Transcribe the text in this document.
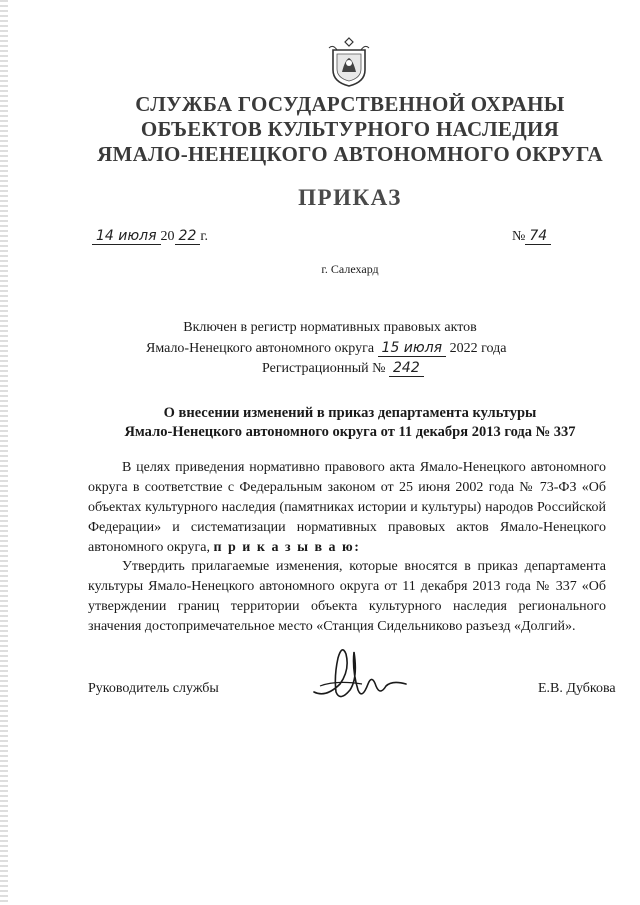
СЛУЖБА ГОСУДАРСТВЕННОЙ ОХРАНЫ
ОБЪЕКТОВ КУЛЬТУРНОГО НАСЛЕДИЯ
ЯМАЛО-НЕНЕЦКОГО АВТОНОМНОГО ОКРУГА
ПРИКАЗ
14 июля 20 22 г.	№ 74
г. Салехард
Включен в регистр нормативных правовых актов
Ямало-Ненецкого автономного округа 15 июля 2022 года
Регистрационный № 242
О внесении изменений в приказ департамента культуры
Ямало-Ненецкого автономного округа от 11 декабря 2013 года № 337
В целях приведения нормативно правового акта Ямало-Ненецкого автономного округа в соответствие с Федеральным законом от 25 июня 2002 года № 73-ФЗ «Об объектах культурного наследия (памятниках истории и культуры) народов Российской Федерации» и систематизации нормативных правовых актов Ямало-Ненецкого автономного округа, п р и к а з ы в а ю:
Утвердить прилагаемые изменения, которые вносятся в приказ департамента культуры Ямало-Ненецкого автономного округа от 11 декабря 2013 года № 337 «Об утверждении границ территории объекта культурного наследия регионального значения достопримечательное место «Станция Сидельниково разъезд «Долгий».
Руководитель службы	Е.В. Дубкова
